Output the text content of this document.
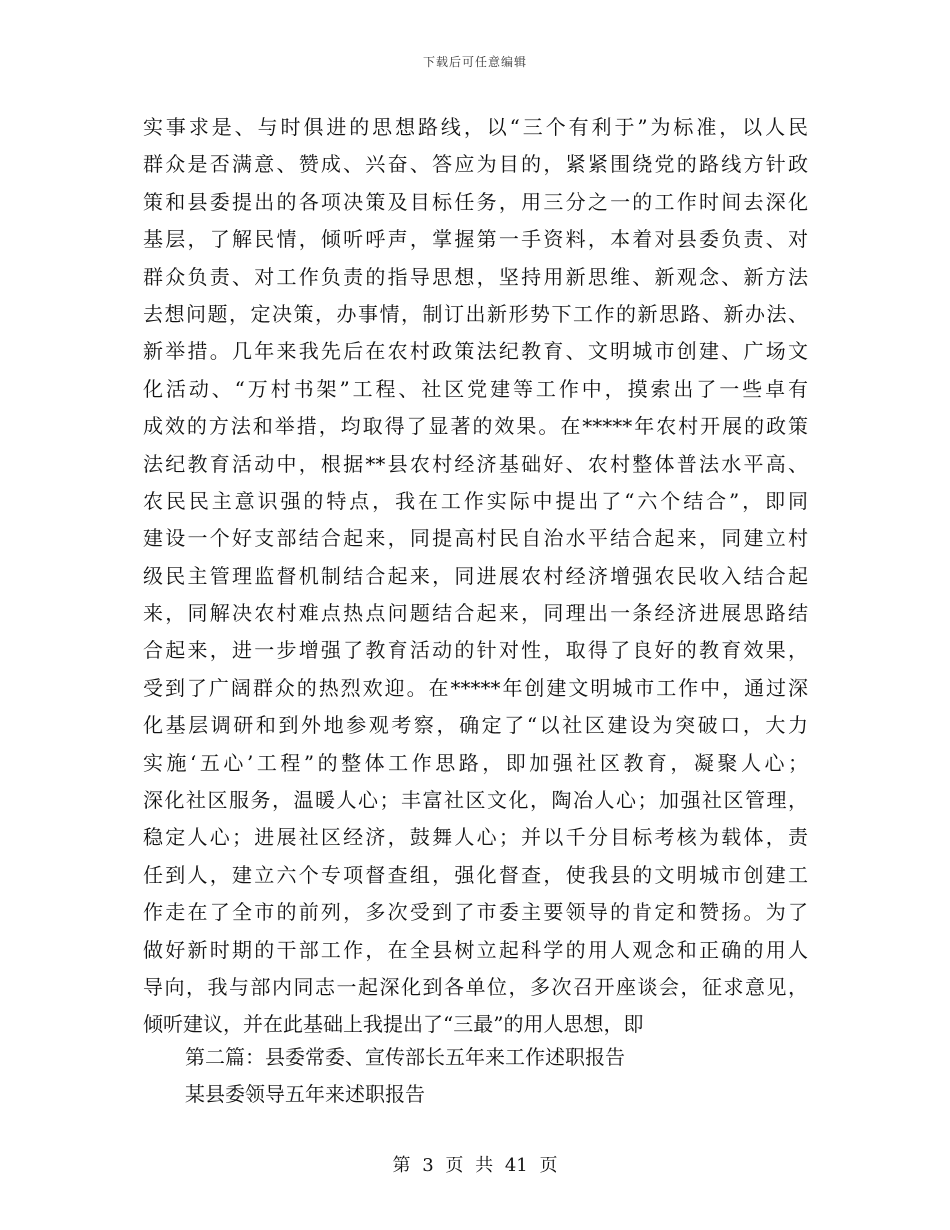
下载后可任意编辑
实事求是、与时俱进的思想路线，以“三个有利于”为标准，以人民
群众是否满意、赞成、兴奋、答应为目的，紧紧围绕党的路线方针政
策和县委提出的各项决策及目标任务，用三分之一的工作时间去深化
基层，了解民情，倾听呼声，掌握第一手资料，本着对县委负责、对
群众负责、对工作负责的指导思想，坚持用新思维、新观念、新方法
去想问题，定决策，办事情，制订出新形势下工作的新思路、新办法、
新举措。几年来我先后在农村政策法纪教育、文明城市创建、广场文
化活动、“万村书架”工程、社区党建等工作中，摸索出了一些卓有
成效的方法和举措，均取得了显著的效果。在*****年农村开展的政策
法纪教育活动中，根据**县农村经济基础好、农村整体普法水平高、
农民民主意识强的特点，我在工作实际中提出了“六个结合”，即同
建设一个好支部结合起来，同提高村民自治水平结合起来，同建立村
级民主管理监督机制结合起来，同进展农村经济增强农民收入结合起
来，同解决农村难点热点问题结合起来，同理出一条经济进展思路结
合起来，进一步增强了教育活动的针对性，取得了良好的教育效果，
受到了广阔群众的热烈欢迎。在*****年创建文明城市工作中，通过深
化基层调研和到外地参观考察，确定了“以社区建设为突破口，大力
实施‘五心’工程”的整体工作思路，即加强社区教育，凝聚人心；
深化社区服务，温暖人心；丰富社区文化，陶冶人心；加强社区管理，
稳定人心；进展社区经济，鼓舞人心；并以千分目标考核为载体，责
任到人，建立六个专项督查组，强化督查，使我县的文明城市创建工
作走在了全市的前列，多次受到了市委主要领导的肯定和赞扬。为了
做好新时期的干部工作，在全县树立起科学的用人观念和正确的用人
导向，我与部内同志一起深化到各单位，多次召开座谈会，征求意见，
倾听建议，并在此基础上我提出了“三最”的用人思想，即
第二篇：县委常委、宣传部长五年来工作述职报告
某县委领导五年来述职报告
第 3 页 共 41 页
